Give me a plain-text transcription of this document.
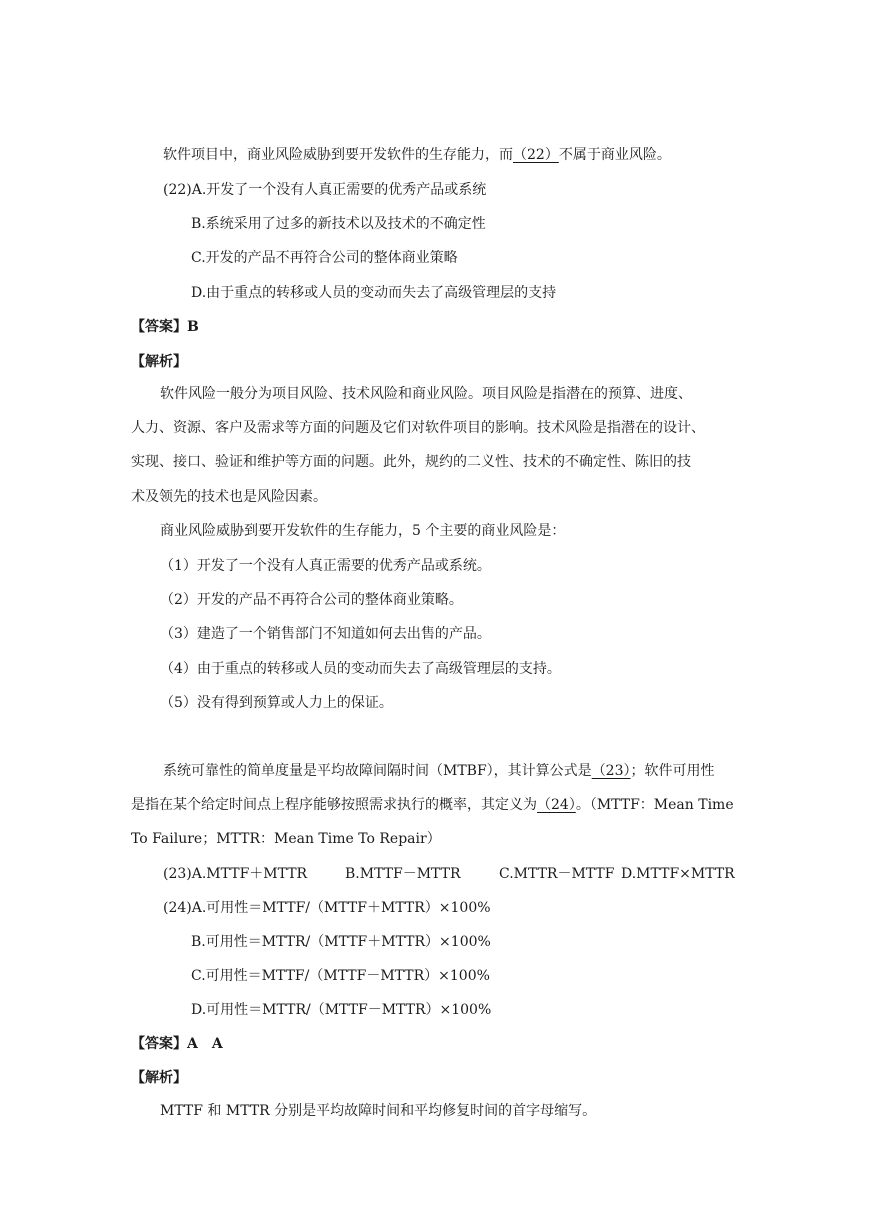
软件项目中，商业风险威胁到要开发软件的生存能力，而（22）不属于商业风险。
(22)A.开发了一个没有人真正需要的优秀产品或系统
B.系统采用了过多的新技术以及技术的不确定性
C.开发的产品不再符合公司的整体商业策略
D.由于重点的转移或人员的变动而失去了高级管理层的支持
【答案】B
【解析】
软件风险一般分为项目风险、技术风险和商业风险。项目风险是指潜在的预算、进度、
人力、资源、客户及需求等方面的问题及它们对软件项目的影响。技术风险是指潜在的设计、
实现、接口、验证和维护等方面的问题。此外，规约的二义性、技术的不确定性、陈旧的技
术及领先的技术也是风险因素。
商业风险威胁到要开发软件的生存能力，5 个主要的商业风险是：
（1）开发了一个没有人真正需要的优秀产品或系统。
（2）开发的产品不再符合公司的整体商业策略。
（3）建造了一个销售部门不知道如何去出售的产品。
（4）由于重点的转移或人员的变动而失去了高级管理层的支持。
（5）没有得到预算或人力上的保证。
系统可靠性的简单度量是平均故障间隔时间（MTBF），其计算公式是（23）；软件可用性
是指在某个给定时间点上程序能够按照需求执行的概率，其定义为（24）。（MTTF：Mean Time
To Failure；MTTR：Mean Time To Repair）
(23)A.MTTF＋MTTR	B.MTTF－MTTR	C.MTTR－MTTF D.MTTF×MTTR
(24)A.可用性＝MTTF/（MTTF＋MTTR）×100%
B.可用性＝MTTR/（MTTF＋MTTR）×100%
C.可用性＝MTTF/（MTTF－MTTR）×100%
D.可用性＝MTTR/（MTTF－MTTR）×100%
【答案】A　A
【解析】
MTTF 和 MTTR 分别是平均故障时间和平均修复时间的首字母缩写。
